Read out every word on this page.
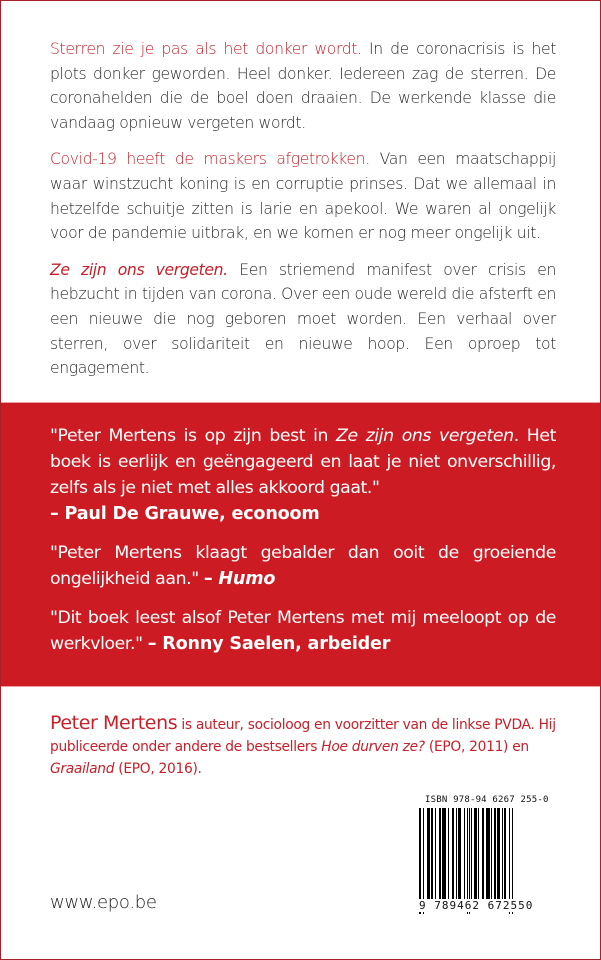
Sterren zie je pas als het donker wordt. In de coronacrisis is het plots donker geworden. Heel donker. Iedereen zag de sterren. De coronahelden die de boel doen draaien. De werkende klasse die vandaag opnieuw vergeten wordt.

Covid-19 heeft de maskers afgetrokken. Van een maatschappij waar winstzucht koning is en corruptie prinses. Dat we allemaal in hetzelfde schuitje zitten is larie en apekool. We waren al ongelijk voor de pandemie uitbrak, en we komen er nog meer ongelijk uit.

Ze zijn ons vergeten. Een striemend manifest over crisis en hebzucht in tijden van corona. Over een oude wereld die afsterft en een nieuwe die nog geboren moet worden. Een verhaal over sterren, over solidariteit en nieuwe hoop. Een oproep tot engagement.

"Peter Mertens is op zijn best in Ze zijn ons vergeten. Het boek is eerlijk en geëngageerd en laat je niet onverschillig, zelfs als je niet met alles akkoord gaat."
– Paul De Grauwe, econoom

"Peter Mertens klaagt gebalder dan ooit de groeiende ongelijkheid aan." – Humo

"Dit boek leest alsof Peter Mertens met mij meeloopt op de werkvloer." – Ronny Saelen, arbeider

Peter Mertens is auteur, socioloog en voorzitter van de linkse PVDA. Hij publiceerde onder andere de bestsellers Hoe durven ze? (EPO, 2011) en Graailand (EPO, 2016).
ISBN 978-94 6267 255-0
9 789462 672550
www.epo.be
